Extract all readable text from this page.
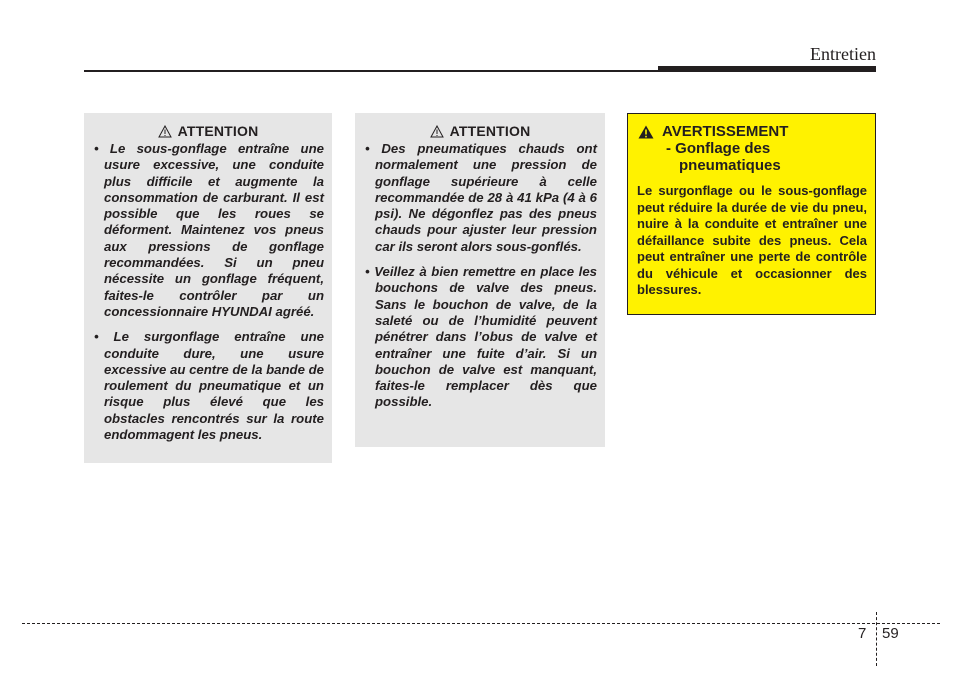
Entretien
ATTENTION
• Le sous-gonflage entraîne une usure excessive, une conduite plus difficile et augmente la consommation de carburant. Il est possible que les roues se déforment. Maintenez vos pneus aux pressions de gonflage recommandées. Si un pneu nécessite un gonflage fréquent, faites-le contrôler par un concessionnaire HYUNDAI agréé.
• Le surgonflage entraîne une conduite dure, une usure excessive au centre de la bande de roulement du pneumatique et un risque plus élevé que les obstacles rencontrés sur la route endommagent les pneus.
ATTENTION
• Des pneumatiques chauds ont normalement une pression de gonflage supérieure à celle recommandée de 28 à 41 kPa (4 à 6 psi). Ne dégonflez pas des pneus chauds pour ajuster leur pression car ils seront alors sous-gonflés.
• Veillez à bien remettre en place les bouchons de valve des pneus. Sans le bouchon de valve, de la saleté ou de l’humidité peuvent pénétrer dans l’obus de valve et entraîner une fuite d’air. Si un bouchon de valve est manquant, faites-le remplacer dès que possible.
AVERTISSEMENT
- Gonflage des pneumatiques
Le surgonflage ou le sous-gonflage peut réduire la durée de vie du pneu, nuire à la conduite et entraîner une défaillance subite des pneus. Cela peut entraîner une perte de contrôle du véhicule et occasionner des blessures.
7 59
